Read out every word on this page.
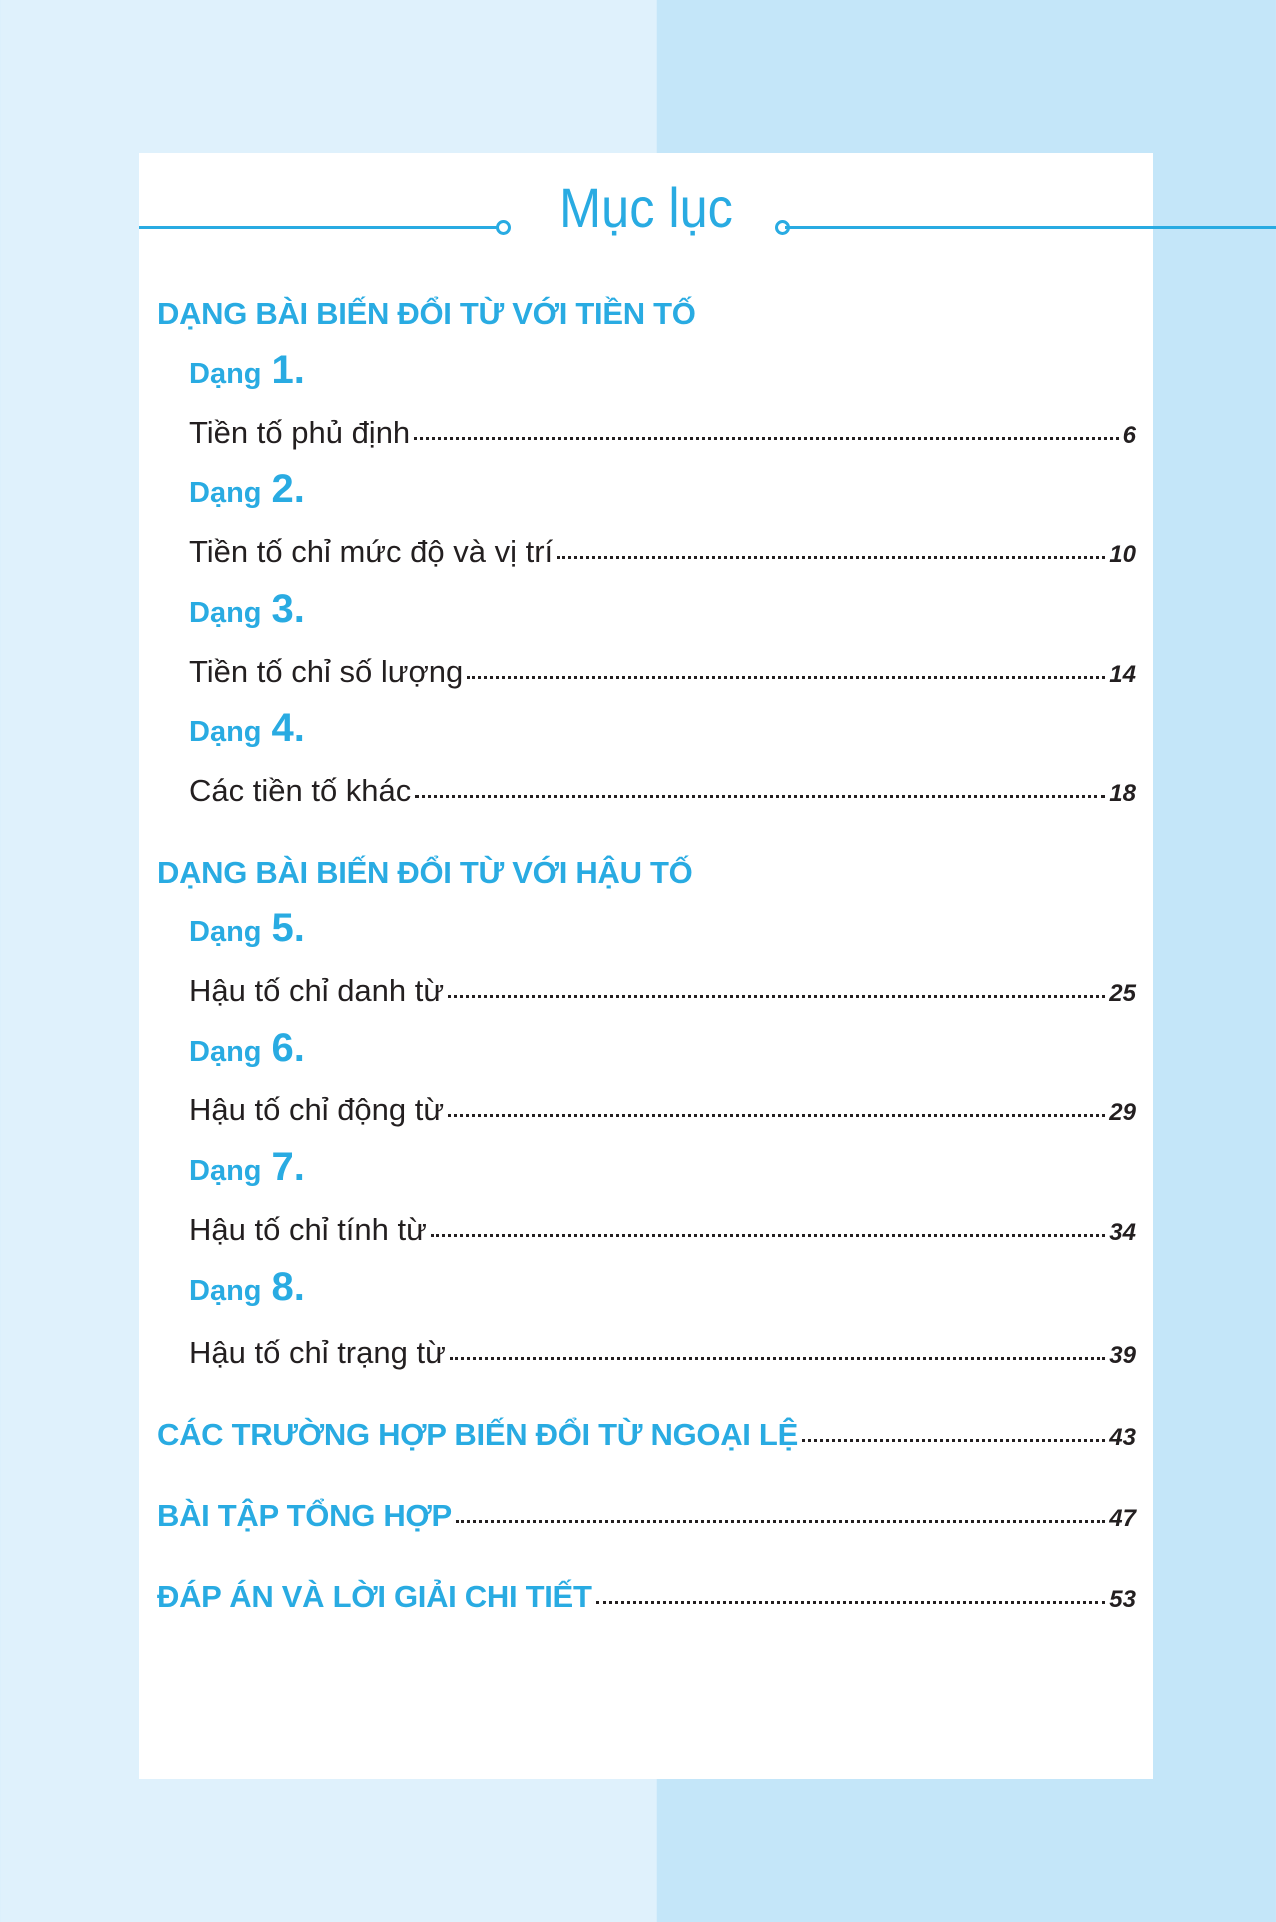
Mục lục
DẠNG BÀI BIẾN ĐỔI TỪ VỚI TIỀN TỐ
Dạng 1.
Tiền tố phủ định	6
Dạng 2.
Tiền tố chỉ mức độ và vị trí	10
Dạng 3.
Tiền tố chỉ số lượng	14
Dạng 4.
Các tiền tố khác	18
DẠNG BÀI BIẾN ĐỔI TỪ VỚI HẬU TỐ
Dạng 5.
Hậu tố chỉ danh từ	25
Dạng 6.
Hậu tố chỉ động từ	29
Dạng 7.
Hậu tố chỉ tính từ	34
Dạng 8.
Hậu tố chỉ trạng từ	39
CÁC TRƯỜNG HỢP BIẾN ĐỔI TỪ NGOẠI LỆ	43
BÀI TẬP TỔNG HỢP	47
ĐÁP ÁN VÀ LỜI GIẢI CHI TIẾT	53
